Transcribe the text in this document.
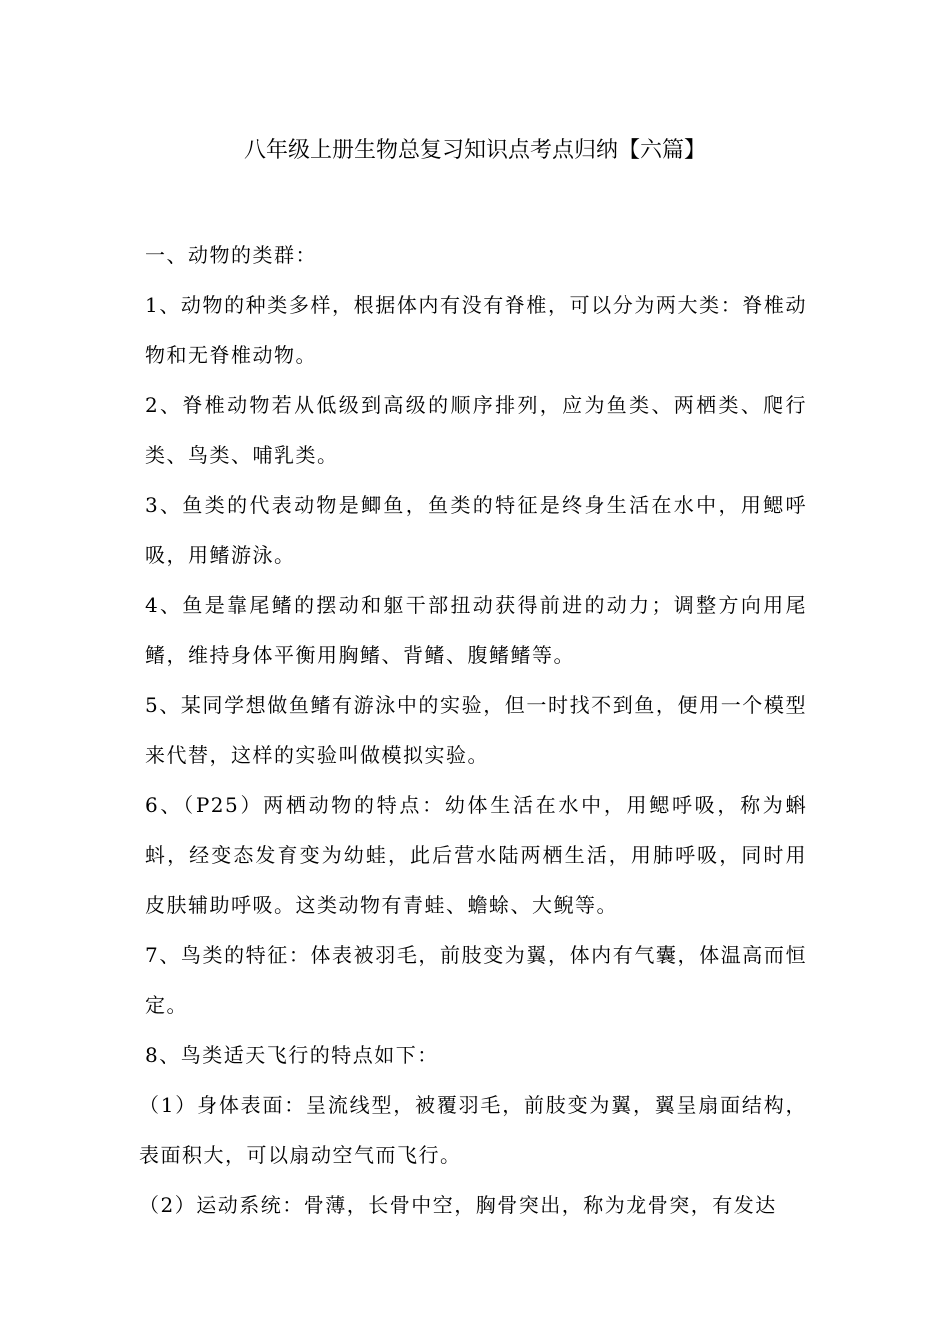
八年级上册生物总复习知识点考点归纳【六篇】

一、动物的类群：

1、动物的种类多样，根据体内有没有脊椎，可以分为两大类：脊椎动物和无脊椎动物。

2、脊椎动物若从低级到高级的顺序排列，应为鱼类、两栖类、爬行类、鸟类、哺乳类。

3、鱼类的代表动物是鲫鱼，鱼类的特征是终身生活在水中，用鳃呼吸，用鳍游泳。

4、鱼是靠尾鳍的摆动和躯干部扭动获得前进的动力；调整方向用尾鳍，维持身体平衡用胸鳍、背鳍、腹鳍鳍等。

5、某同学想做鱼鳍有游泳中的实验，但一时找不到鱼，便用一个模型来代替，这样的实验叫做模拟实验。

6、（P25）两栖动物的特点：幼体生活在水中，用鳃呼吸，称为蝌蚪，经变态发育变为幼蛙，此后营水陆两栖生活，用肺呼吸，同时用皮肤辅助呼吸。这类动物有青蛙、蟾蜍、大鲵等。

7、鸟类的特征：体表被羽毛，前肢变为翼，体内有气囊，体温高而恒定。

8、鸟类适天飞行的特点如下：

（1）身体表面：呈流线型，被覆羽毛，前肢变为翼，翼呈扇面结构，表面积大，可以扇动空气而飞行。

（2）运动系统：骨薄，长骨中空，胸骨突出，称为龙骨突，有发达
